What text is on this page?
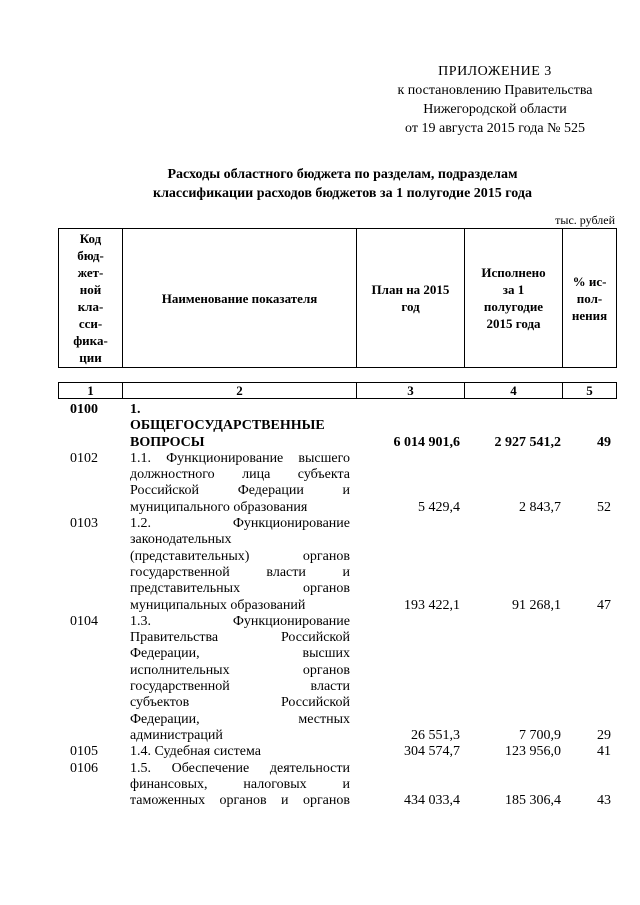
ПРИЛОЖЕНИЕ 3
к постановлению Правительства
Нижегородской области
от 19 августа 2015 года № 525
Расходы областного бюджета по разделам, подразделам
классификации расходов бюджетов за 1 полугодие 2015 года
тыс. рублей
Код
бюд-
жет-
ной
кла-
сси-
фика-
ции
	Наименование показателя	
План на 2015
год

Исполнено
за 1
полугодие
2015 года

% ис-
пол-
нения
1	2	3	4	5
0100	1.
ОБЩЕГОСУДАРСТВЕННЫЕ
ВОПРОСЫ	6 014 901,6	2 927 541,2	49
0102	1.1. Функционирование высшего
должностного лица субъекта
Российской Федерации и
муниципального образования	5 429,4	2 843,7	52
0103	1.2. Функционирование
законодательных
(представительных) органов
государственной власти и
представительных органов
муниципальных образований	193 422,1	91 268,1	47
0104	1.3. Функционирование
Правительства Российской
Федерации, высших
исполнительных органов
государственной власти
субъектов Российской
Федерации, местных
администраций	26 551,3	7 700,9	29
0105	1.4. Судебная система	304 574,7	123 956,0	41
0106	1.5. Обеспечение деятельности
финансовых, налоговых и
таможенных органов и органов	434 033,4	185 306,4	43
